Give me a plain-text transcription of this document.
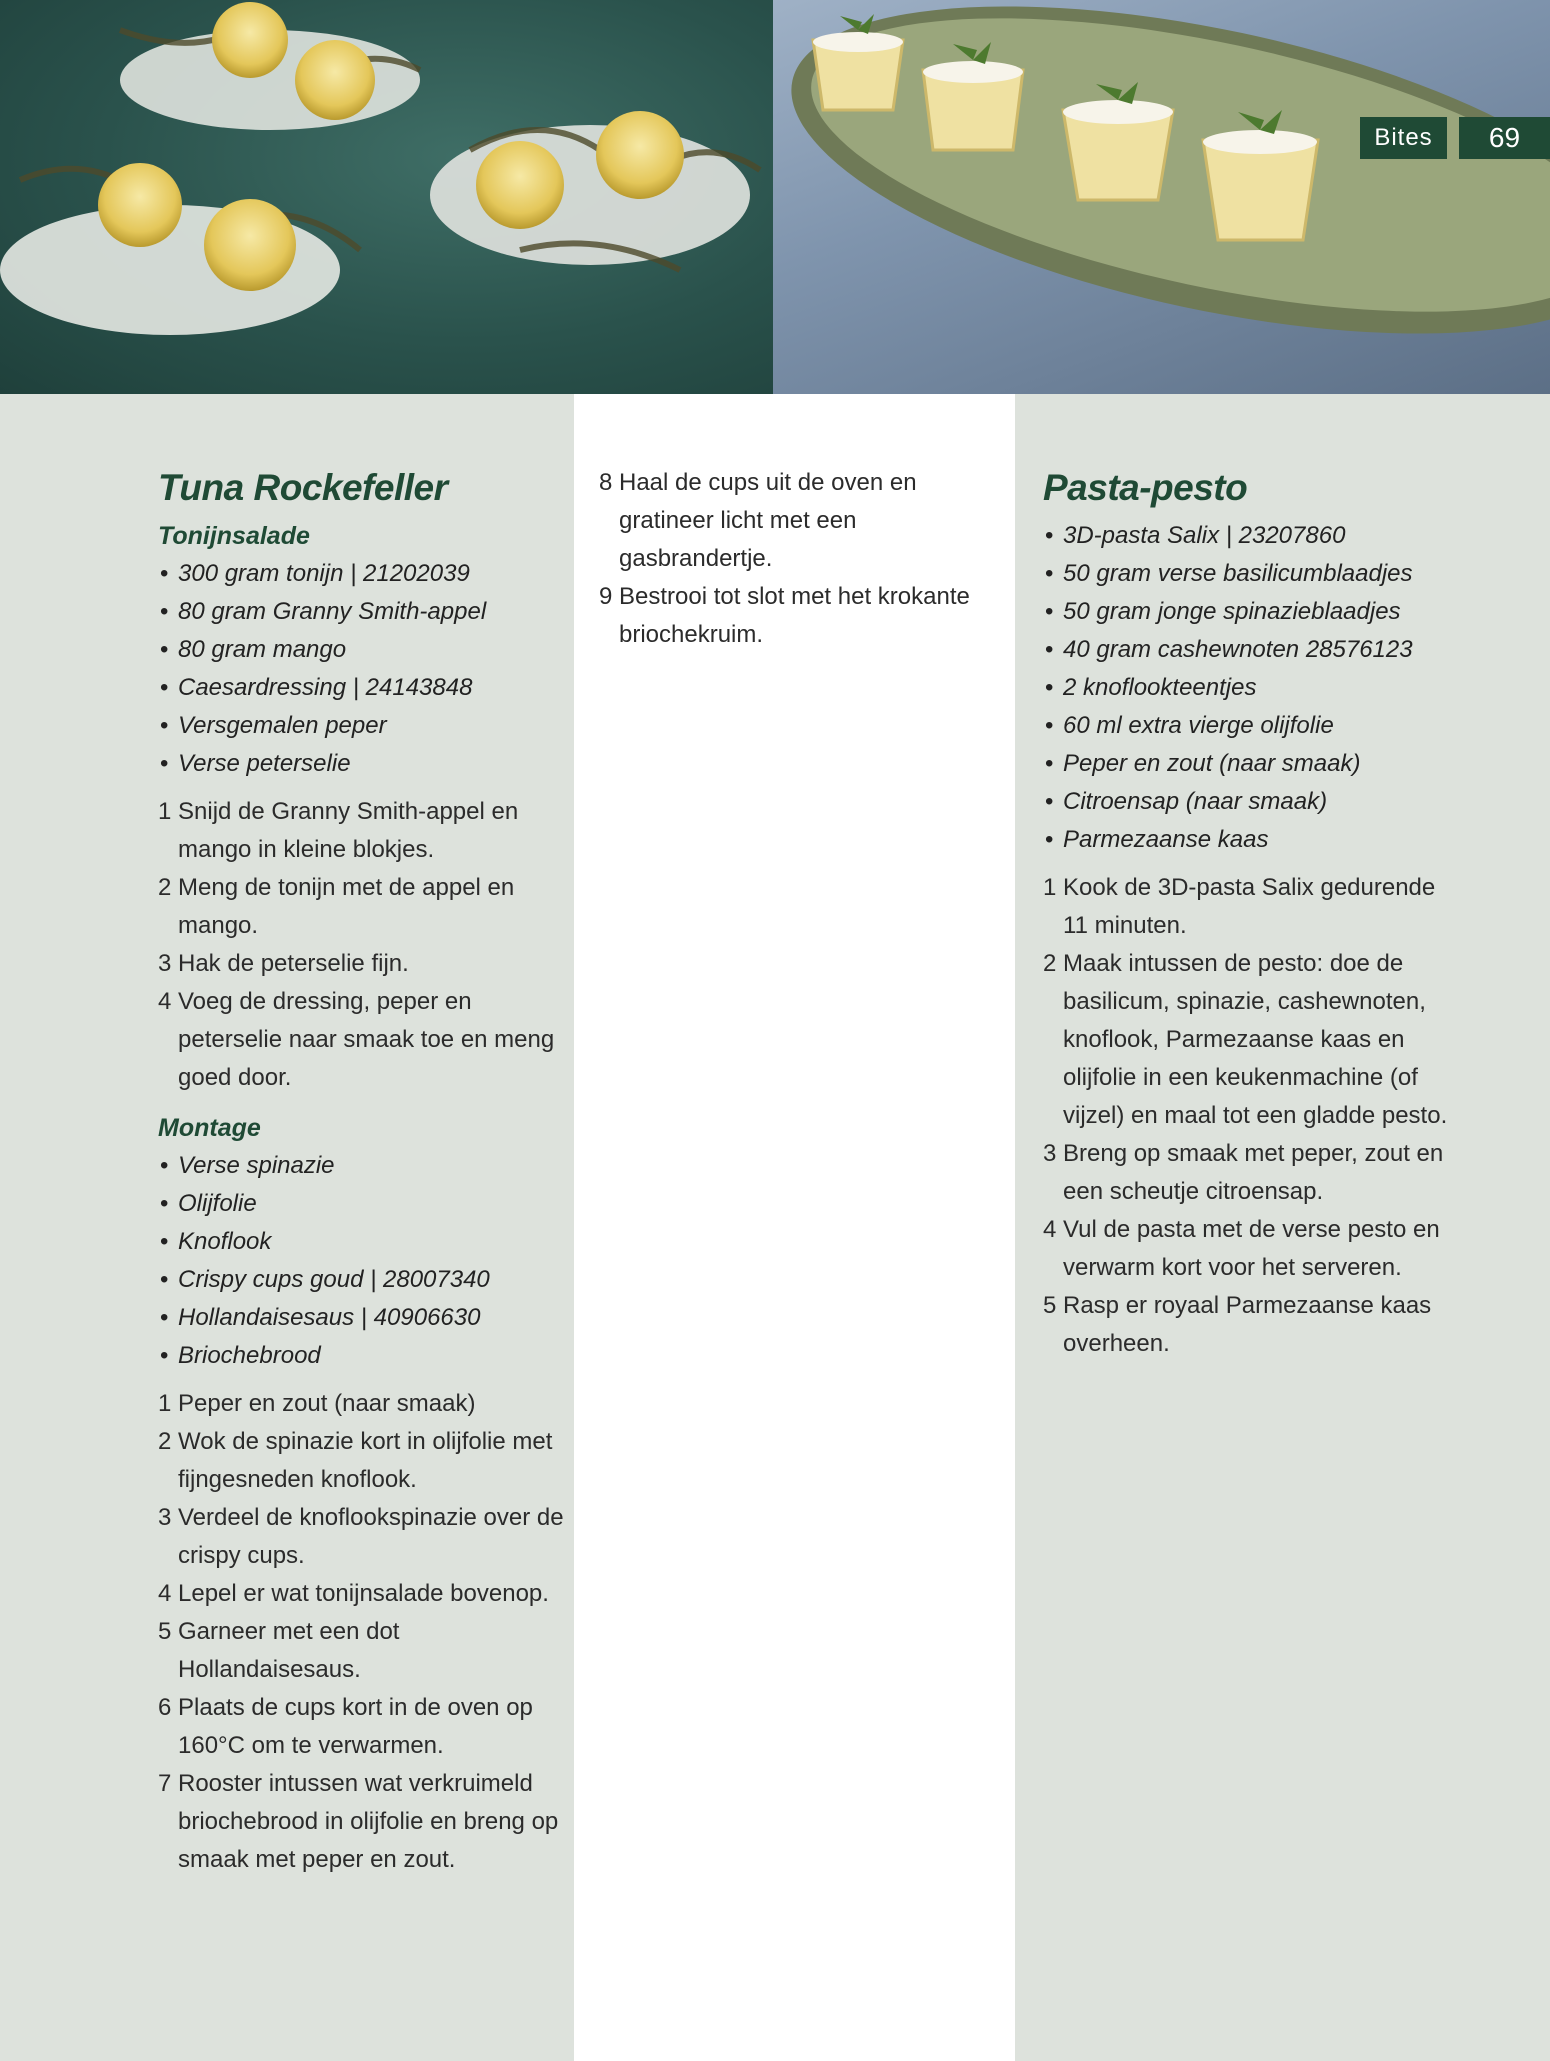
Bites	69
Tuna Rockefeller
Tonijnsalade
• 300 gram tonijn | 21202039
• 80 gram Granny Smith-appel
• 80 gram mango
• Caesardressing | 24143848
• Versgemalen peper
• Verse peterselie
1 Snijd de Granny Smith-appel en mango in kleine blokjes.
2 Meng de tonijn met de appel en mango.
3 Hak de peterselie fijn.
4 Voeg de dressing, peper en peterselie naar smaak toe en meng goed door.
Montage
• Verse spinazie
• Olijfolie
• Knoflook
• Crispy cups goud | 28007340
• Hollandaisesaus | 40906630
• Briochebrood
1 Peper en zout (naar smaak)
2 Wok de spinazie kort in olijfolie met fijngesneden knoflook.
3 Verdeel de knoflookspinazie over de crispy cups.
4 Lepel er wat tonijnsalade bovenop.
5 Garneer met een dot Hollandaisesaus.
6 Plaats de cups kort in de oven op 160°C om te verwarmen.
7 Rooster intussen wat verkruimeld briochebrood in olijfolie en breng op smaak met peper en zout.
8 Haal de cups uit de oven en gratineer licht met een gasbrandertje.
9 Bestrooi tot slot met het krokante briochekruim.
Pasta-pesto
• 3D-pasta Salix | 23207860
• 50 gram verse basilicumblaadjes
• 50 gram jonge spinazieblaadjes
• 40 gram cashewnoten 28576123
• 2 knoflookteentjes
• 60 ml extra vierge olijfolie
• Peper en zout (naar smaak)
• Citroensap (naar smaak)
• Parmezaanse kaas
1 Kook de 3D-pasta Salix gedurende 11 minuten.
2 Maak intussen de pesto: doe de basilicum, spinazie, cashewnoten, knoflook, Parmezaanse kaas en olijfolie in een keukenmachine (of vijzel) en maal tot een gladde pesto.
3 Breng op smaak met peper, zout en een scheutje citroensap.
4 Vul de pasta met de verse pesto en verwarm kort voor het serveren.
5 Rasp er royaal Parmezaanse kaas overheen.
